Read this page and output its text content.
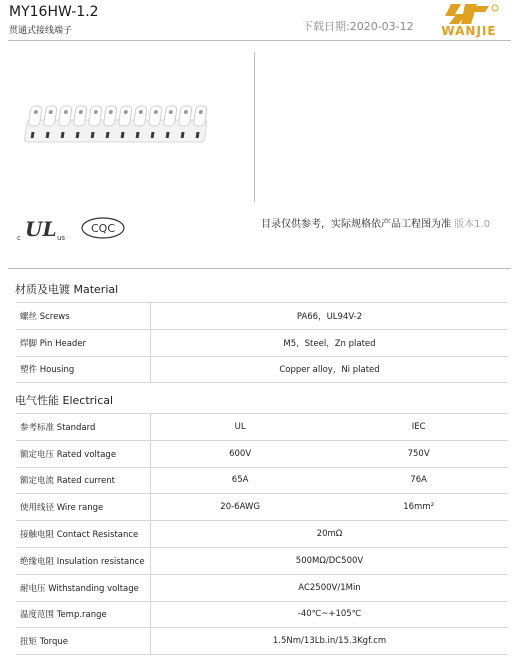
MY16HW-1.2
贯通式接线端子	下载日期:2020-03-12	WANJIE
c UL us
CQC	目录仅供参考，实际规格依产品工程图为准 版本1.0
材质及电镀 Material
螺丝 Screws	PA66，UL94V-2
焊脚 Pin Header	M5，Steel，Zn plated
塑件 Housing	Copper alloy，Ni plated
电气性能 Electrical
参考标准 Standard	UL	IEC
额定电压 Rated voltage	600V	750V
额定电流 Rated current	65A	76A
使用线径 Wire range	20-6AWG	16mm²
接触电阻 Contact Resistance	20mΩ	
绝缘电阻 Insulation resistance	500MΩ/DC500V	
耐电压 Withstanding voltage	AC2500V/1Min	
温度范围 Temp.range	-40℃~+105℃	
扭矩 Torque	1.5Nm/13Lb.in/15.3Kgf.cm	
